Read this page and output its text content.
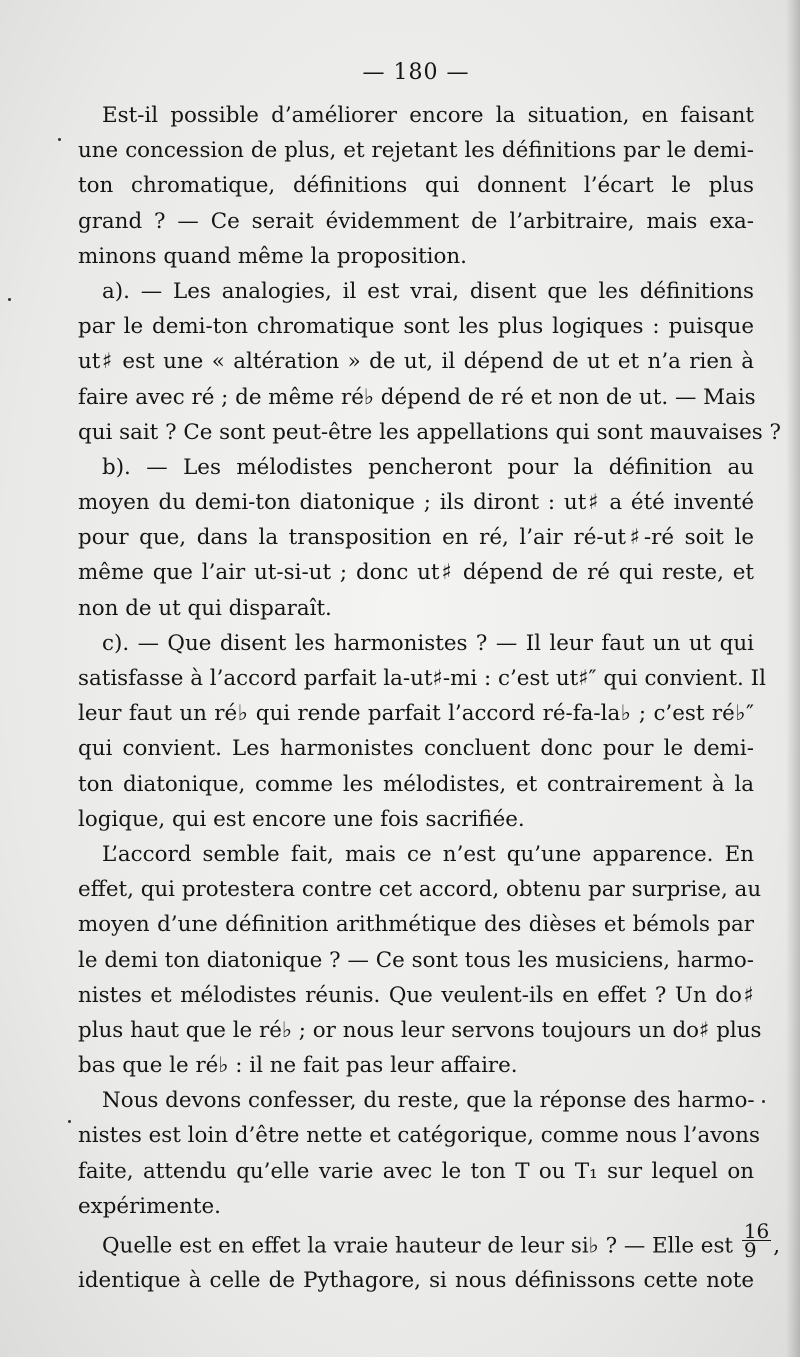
— 180 —
Est-il possible d’améliorer encore la situation, en faisant
une concession de plus, et rejetant les définitions par le demi-
ton chromatique, définitions qui donnent l’écart le plus
grand ? — Ce serait évidemment de l’arbitraire, mais exa-
minons quand même la proposition.
a). — Les analogies, il est vrai, disent que les définitions
par le demi-ton chromatique sont les plus logiques : puisque
ut♯ est une « altération » de ut, il dépend de ut et n’a rien à
faire avec ré ; de même ré♭ dépend de ré et non de ut. — Mais
qui sait ? Ce sont peut-être les appellations qui sont mauvaises ?
b). — Les mélodistes pencheront pour la définition au
moyen du demi-ton diatonique ; ils diront : ut♯ a été inventé
pour que, dans la transposition en ré, l’air ré-ut♯-ré soit le
même que l’air ut-si-ut ; donc ut♯ dépend de ré qui reste, et
non de ut qui disparaît.
c). — Que disent les harmonistes ? — Il leur faut un ut qui
satisfasse à l’accord parfait la-ut♯-mi : c’est ut♯″ qui convient. Il
leur faut un ré♭ qui rende parfait l’accord ré-fa-la♭ ; c’est ré♭″
qui convient. Les harmonistes concluent donc pour le demi-
ton diatonique, comme les mélodistes, et contrairement à la
logique, qui est encore une fois sacrifiée.
L’accord semble fait, mais ce n’est qu’une apparence. En
effet, qui protestera contre cet accord, obtenu par surprise, au
moyen d’une définition arithmétique des dièses et bémols par
le demi ton diatonique ? — Ce sont tous les musiciens, harmo-
nistes et mélodistes réunis. Que veulent-ils en effet ? Un do♯
plus haut que le ré♭ ; or nous leur servons toujours un do♯ plus
bas que le ré♭ : il ne fait pas leur affaire.
Nous devons confesser, du reste, que la réponse des harmo-
nistes est loin d’être nette et catégorique, comme nous l’avons
faite, attendu qu’elle varie avec le ton T ou T₁ sur lequel on
expérimente.
Quelle est en effet la vraie hauteur de leur si♭ ? — Elle est $\frac{16}{9}$ ,
identique à celle de Pythagore, si nous définissons cette note
